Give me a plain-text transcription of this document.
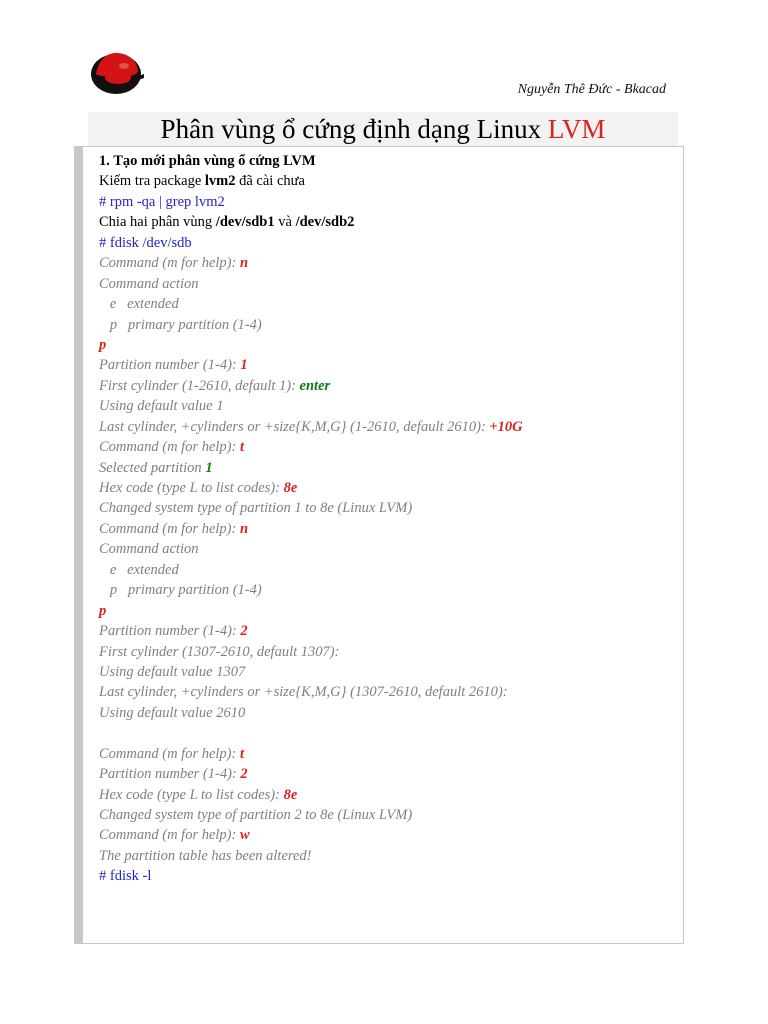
Nguyễn Thê Đức - Bkacad
Phân vùng ổ cứng định dạng Linux LVM
1. Tạo mới phân vùng ổ cứng LVM
Kiểm tra package lvm2 đã cài chưa
# rpm -qa | grep lvm2
Chia hai phân vùng /dev/sdb1 và /dev/sdb2
# fdisk /dev/sdb
Command (m for help): n
Command action
e   extended
p   primary partition (1-4)
p
Partition number (1-4): 1
First cylinder (1-2610, default 1): enter
Using default value 1
Last cylinder, +cylinders or +size{K,M,G} (1-2610, default 2610): +10G
Command (m for help): t
Selected partition 1
Hex code (type L to list codes): 8e
Changed system type of partition 1 to 8e (Linux LVM)
Command (m for help): n
Command action
e   extended
p   primary partition (1-4)
p
Partition number (1-4): 2
First cylinder (1307-2610, default 1307):
Using default value 1307
Last cylinder, +cylinders or +size{K,M,G} (1307-2610, default 2610):
Using default value 2610

Command (m for help): t
Partition number (1-4): 2
Hex code (type L to list codes): 8e
Changed system type of partition 2 to 8e (Linux LVM)
Command (m for help): w
The partition table has been altered!
# fdisk -l
